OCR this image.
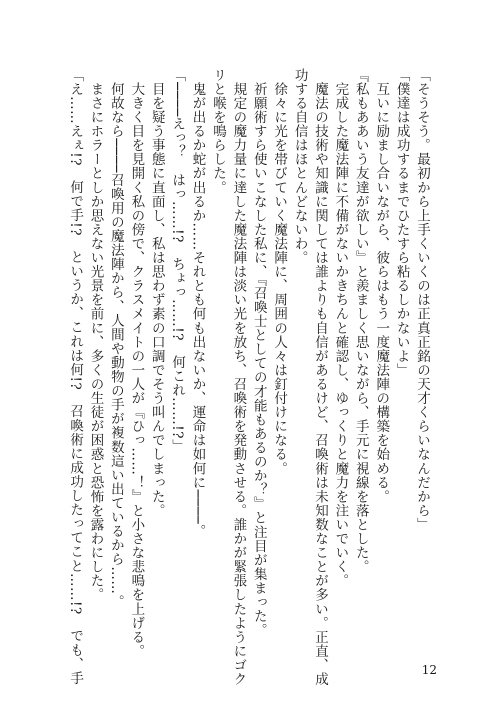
「そうそう。最初から上手くいくのは正真正銘の天才くらいなんだから」
「僕達は成功するまでひたすら粘るしかないよ」
　互いに励まし合いながら、彼らはもう一度魔法陣の構築を始める。
『私もああいう友達が欲しい』と羨ましく思いながら、手元に視線を落とした。
　完成した魔法陣に不備がないかきちんと確認し、ゆっくりと魔力を注いでいく。
　魔法の技術や知識に関しては誰よりも自信があるけど、召喚術は未知数なことが多い。正直、成
功する自信はほとんどないわ。
　徐々に光を帯びていく魔法陣に、周囲の人々は釘付けになる。
　祈願術すら使いこなした私に、『召喚士としての才能もあるのか？』と注目が集まった。
　規定の魔力量に達した魔法陣は淡い光を放ち、召喚術を発動させる。誰かが緊張したようにゴク
リと喉を鳴らした。
　鬼が出るか蛇が出るか……それとも何も出ないか、運命は如何に────。
「────えっ？　はっ……!?　ちょっ……!?　何これ……!?」
　目を疑う事態に直面し、私は思わず素の口調でそう叫んでしまった。
　大きく目を見開く私の傍で、クラスメイトの一人が『ひっ……！』と小さな悲鳴を上げる。
　何故なら────召喚用の魔法陣から、人間や動物の手が複数這い出ているから……。
　まさにホラーとしか思えない光景を前に、多くの生徒が困惑と恐怖を露わにした。
「え……えぇ!?　何で手!?　というか、これは何!?　召喚術に成功したってこと……!?　でも、手	12
